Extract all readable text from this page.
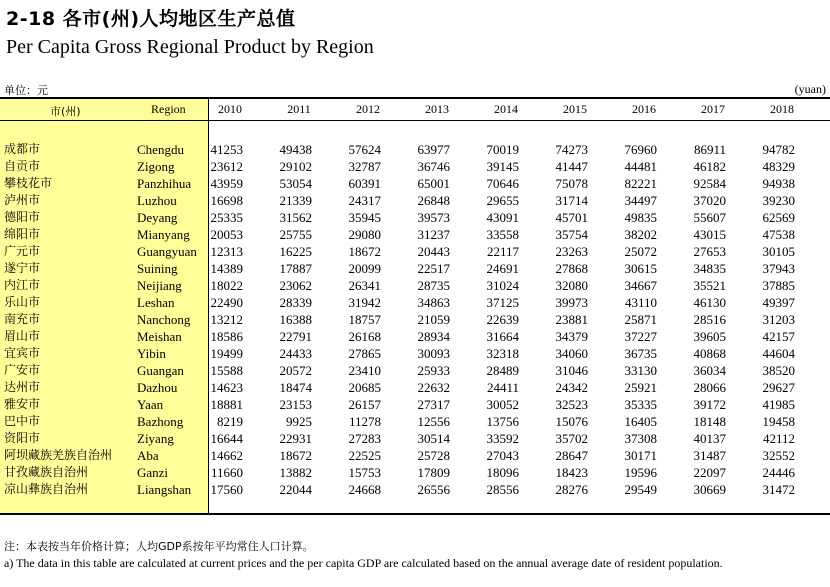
2-18 各市(州)人均地区生产总值
Per Capita Gross Regional Product by Region
单位：元	(yuan)
市(州)	Region	2010	2011	2012	2013	2014	2015	2016	2017	2018
成都市	Chengdu	41253	49438	57624	63977	70019	74273	76960	86911	94782
自贡市	Zigong	23612	29102	32787	36746	39145	41447	44481	46182	48329
攀枝花市	Panzhihua	43959	53054	60391	65001	70646	75078	82221	92584	94938
泸州市	Luzhou	16698	21339	24317	26848	29655	31714	34497	37020	39230
德阳市	Deyang	25335	31562	35945	39573	43091	45701	49835	55607	62569
绵阳市	Mianyang	20053	25755	29080	31237	33558	35754	38202	43015	47538
广元市	Guangyuan	12313	16225	18672	20443	22117	23263	25072	27653	30105
遂宁市	Suining	14389	17887	20099	22517	24691	27868	30615	34835	37943
内江市	Neijiang	18022	23062	26341	28735	31024	32080	34667	35521	37885
乐山市	Leshan	22490	28339	31942	34863	37125	39973	43110	46130	49397
南充市	Nanchong	13212	16388	18757	21059	22639	23881	25871	28516	31203
眉山市	Meishan	18586	22791	26168	28934	31664	34379	37227	39605	42157
宜宾市	Yibin	19499	24433	27865	30093	32318	34060	36735	40868	44604
广安市	Guangan	15588	20572	23410	25933	28489	31046	33130	36034	38520
达州市	Dazhou	14623	18474	20685	22632	24411	24342	25921	28066	29627
雅安市	Yaan	18881	23153	26157	27317	30052	32523	35335	39172	41985
巴中市	Bazhong	8219	9925	11278	12556	13756	15076	16405	18148	19458
资阳市	Ziyang	16644	22931	27283	30514	33592	35702	37308	40137	42112
阿坝藏族羌族自治州 Aba	14662	18672	22525	25728	27043	28647	30171	31487	32552
甘孜藏族自治州	Ganzi	11660	13882	15753	17809	18096	18423	19596	22097	24446
凉山彝族自治州	Liangshan	17560	22044	24668	26556	28556	28276	29549	30669	31472
注：本表按当年价格计算；人均GDP系按年平均常住人口计算。
a) The data in this table are calculated at current prices and the per capita GDP are calculated based on the annual average date of resident population.
